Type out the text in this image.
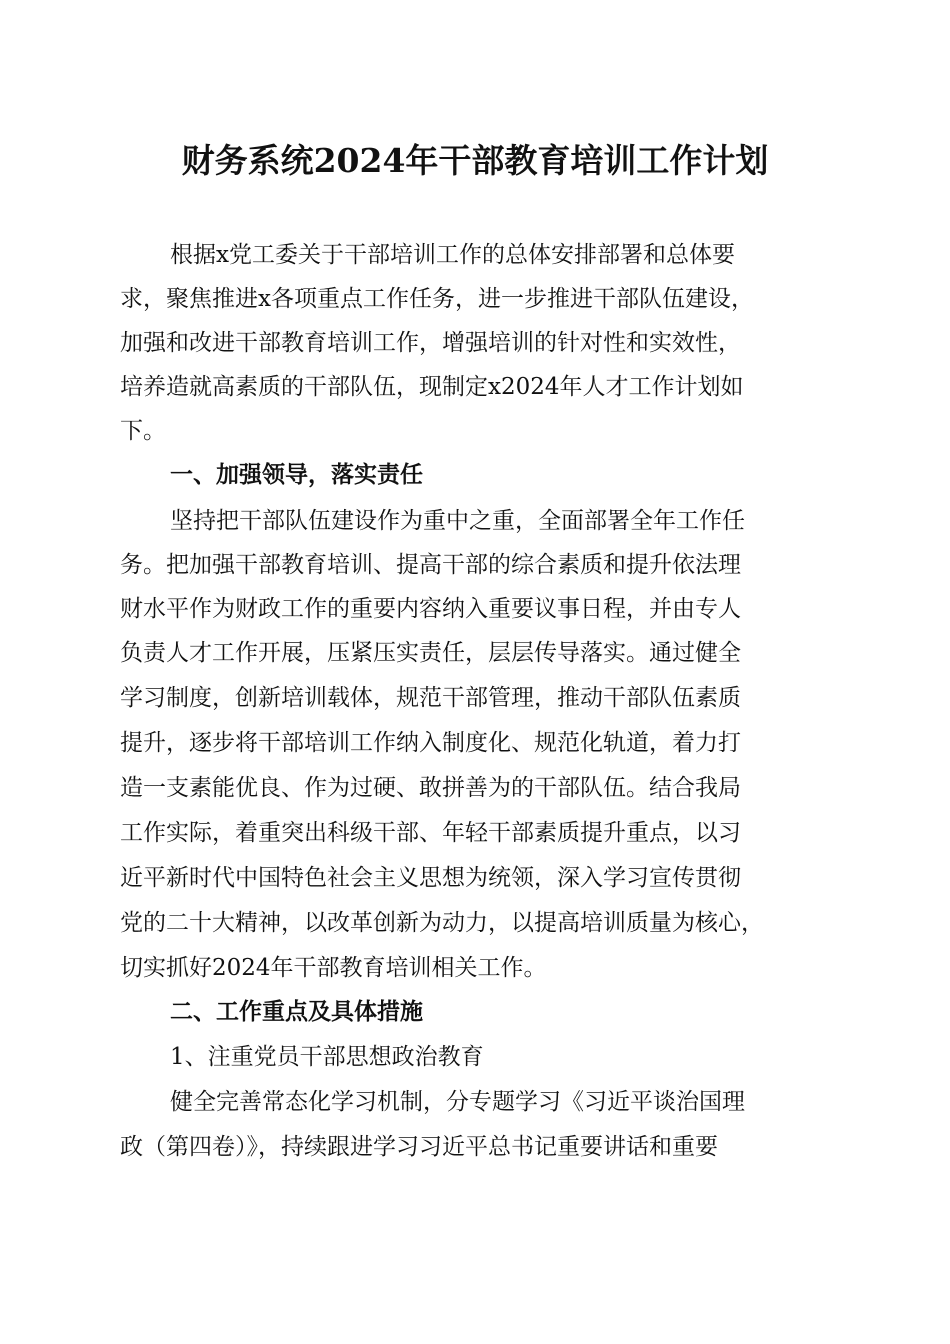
财务系统2024年干部教育培训工作计划
根据x党工委关于干部培训工作的总体安排部署和总体要
求，聚焦推进x各项重点工作任务，进一步推进干部队伍建设，
加强和改进干部教育培训工作，增强培训的针对性和实效性，
培养造就高素质的干部队伍，现制定x2024年人才工作计划如
下。
一、加强领导，落实责任
坚持把干部队伍建设作为重中之重，全面部署全年工作任
务。把加强干部教育培训、提高干部的综合素质和提升依法理
财水平作为财政工作的重要内容纳入重要议事日程，并由专人
负责人才工作开展，压紧压实责任，层层传导落实。通过健全
学习制度，创新培训载体，规范干部管理，推动干部队伍素质
提升，逐步将干部培训工作纳入制度化、规范化轨道，着力打
造一支素能优良、作为过硬、敢拼善为的干部队伍。结合我局
工作实际，着重突出科级干部、年轻干部素质提升重点，以习
近平新时代中国特色社会主义思想为统领，深入学习宣传贯彻
党的二十大精神，以改革创新为动力，以提高培训质量为核心，
切实抓好2024年干部教育培训相关工作。
二、工作重点及具体措施
1、注重党员干部思想政治教育
健全完善常态化学习机制，分专题学习《习近平谈治国理
政（第四卷）》，持续跟进学习习近平总书记重要讲话和重要
